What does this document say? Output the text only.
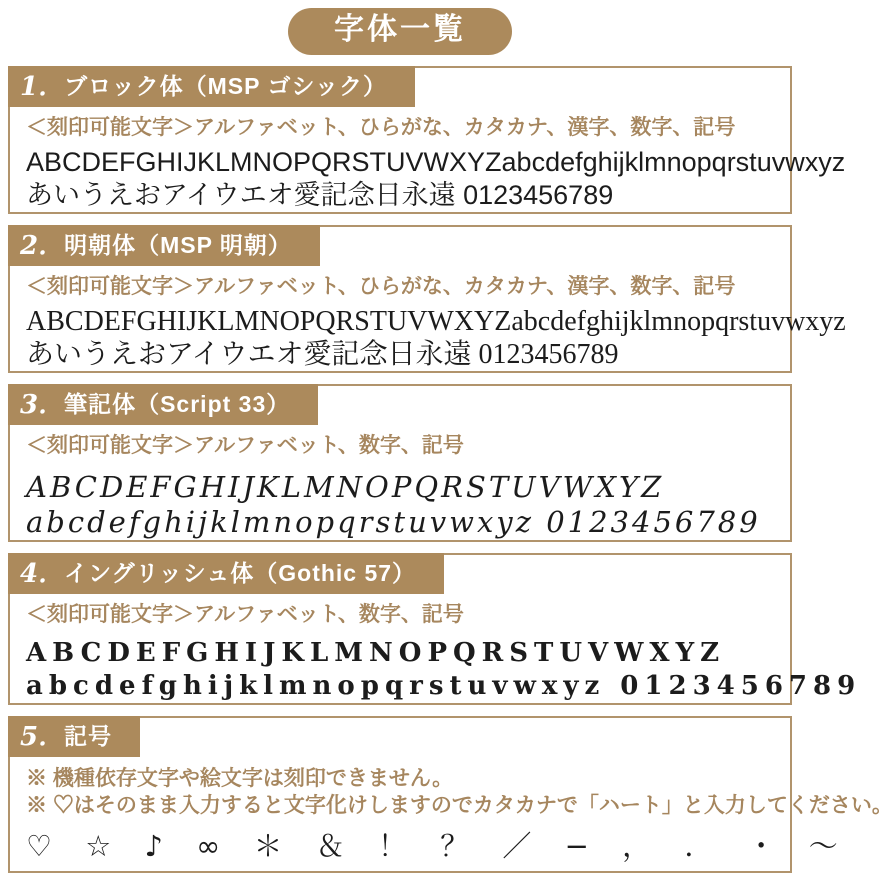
字体一覧
1．ブロック体（MSP ゴシック）
＜刻印可能文字＞アルファベット、ひらがな、カタカナ、漢字、数字、記号
ABCDEFGHIJKLMNOPQRSTUVWXYZabcdefghijklmnopqrstuvwxyz
あいうえおアイウエオ愛記念日永遠 0123456789
2．明朝体（MSP 明朝）
＜刻印可能文字＞アルファベット、ひらがな、カタカナ、漢字、数字、記号
ABCDEFGHIJKLMNOPQRSTUVWXYZabcdefghijklmnopqrstuvwxyz
あいうえおアイウエオ愛記念日永遠 0123456789
3．筆記体（Script 33）
＜刻印可能文字＞アルファベット、数字、記号
ABCDEFGHIJKLMNOPQRSTUVWXYZ
abcdefghijklmnopqrstuvwxyz 0123456789
4．イングリッシュ体（Gothic 57）
＜刻印可能文字＞アルファベット、数字、記号
ABCDEFGHIJKLMNOPQRSTUVWXYZ
abcdefghijklmnopqrstuvwxyz 0123456789
5．記号
※ 機種依存文字や絵文字は刻印できません。
※ ♡はそのまま入力すると文字化けしますのでカタカナで「ハート」と入力してください。
♡ ☆ ♪ ∞ ＊ ＆ ！ ？ ／ − ， ． ・ ～
